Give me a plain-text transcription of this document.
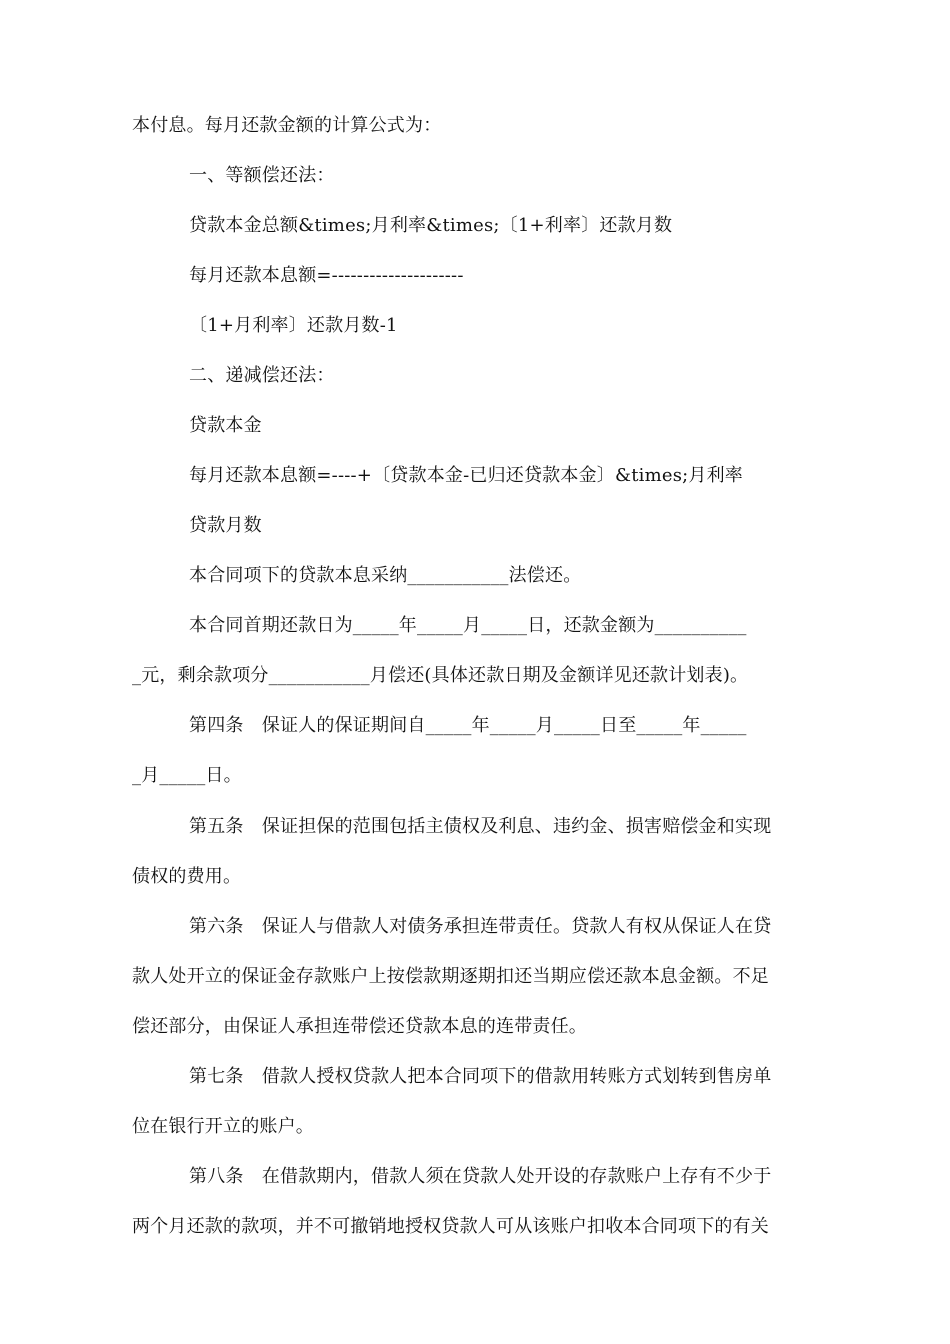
本付息。每月还款金额的计算公式为：

一、等额偿还法：

贷款本金总额&times;月利率&times;〔1+利率〕还款月数

每月还款本息额=---------------------

〔1+月利率〕还款月数-1

二、递减偿还法：

贷款本金

每月还款本息额=----+〔贷款本金-已归还贷款本金〕&times;月利率

贷款月数

本合同项下的贷款本息采纳___________法偿还。

本合同首期还款日为_____年_____月_____日，还款金额为__________

_元，剩余款项分___________月偿还(具体还款日期及金额详见还款计划表)。

第四条　保证人的保证期间自_____年_____月_____日至_____年_____

_月_____日。

第五条　保证担保的范围包括主债权及利息、违约金、损害赔偿金和实现

债权的费用。

第六条　保证人与借款人对债务承担连带责任。贷款人有权从保证人在贷

款人处开立的保证金存款账户上按偿款期逐期扣还当期应偿还款本息金额。不足

偿还部分，由保证人承担连带偿还贷款本息的连带责任。

第七条　借款人授权贷款人把本合同项下的借款用转账方式划转到售房单

位在银行开立的账户。

第八条　在借款期内，借款人须在贷款人处开设的存款账户上存有不少于

两个月还款的款项，并不可撤销地授权贷款人可从该账户扣收本合同项下的有关
